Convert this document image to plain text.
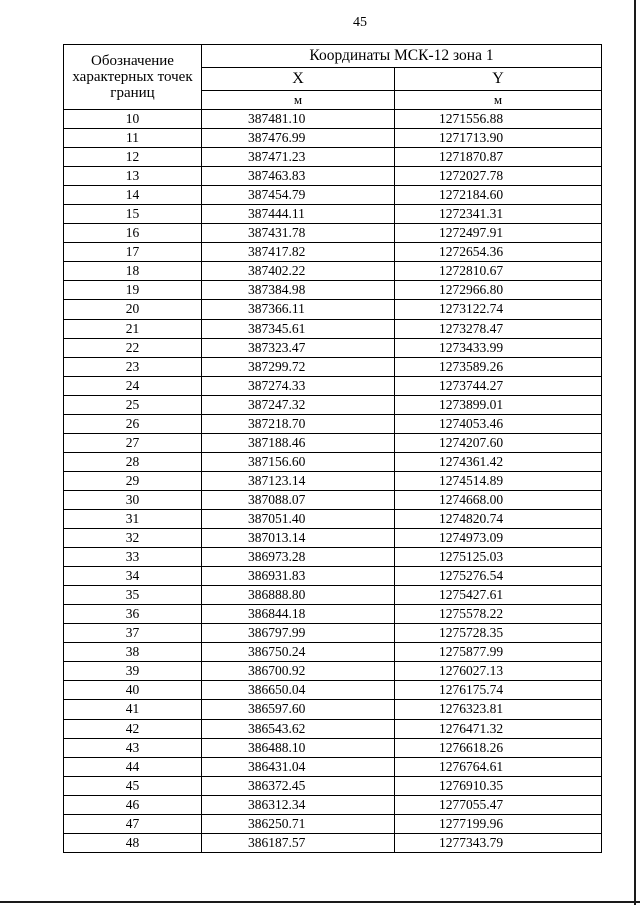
45
Обозначение характерных точек границ	Координаты МСК-12 зона 1	
	X	Y
	м	м
10	387481.10	1271556.88
11	387476.99	1271713.90
12	387471.23	1271870.87
13	387463.83	1272027.78
14	387454.79	1272184.60
15	387444.11	1272341.31
16	387431.78	1272497.91
17	387417.82	1272654.36
18	387402.22	1272810.67
19	387384.98	1272966.80
20	387366.11	1273122.74
21	387345.61	1273278.47
22	387323.47	1273433.99
23	387299.72	1273589.26
24	387274.33	1273744.27
25	387247.32	1273899.01
26	387218.70	1274053.46
27	387188.46	1274207.60
28	387156.60	1274361.42
29	387123.14	1274514.89
30	387088.07	1274668.00
31	387051.40	1274820.74
32	387013.14	1274973.09
33	386973.28	1275125.03
34	386931.83	1275276.54
35	386888.80	1275427.61
36	386844.18	1275578.22
37	386797.99	1275728.35
38	386750.24	1275877.99
39	386700.92	1276027.13
40	386650.04	1276175.74
41	386597.60	1276323.81
42	386543.62	1276471.32
43	386488.10	1276618.26
44	386431.04	1276764.61
45	386372.45	1276910.35
46	386312.34	1277055.47
47	386250.71	1277199.96
48	386187.57	1277343.79
